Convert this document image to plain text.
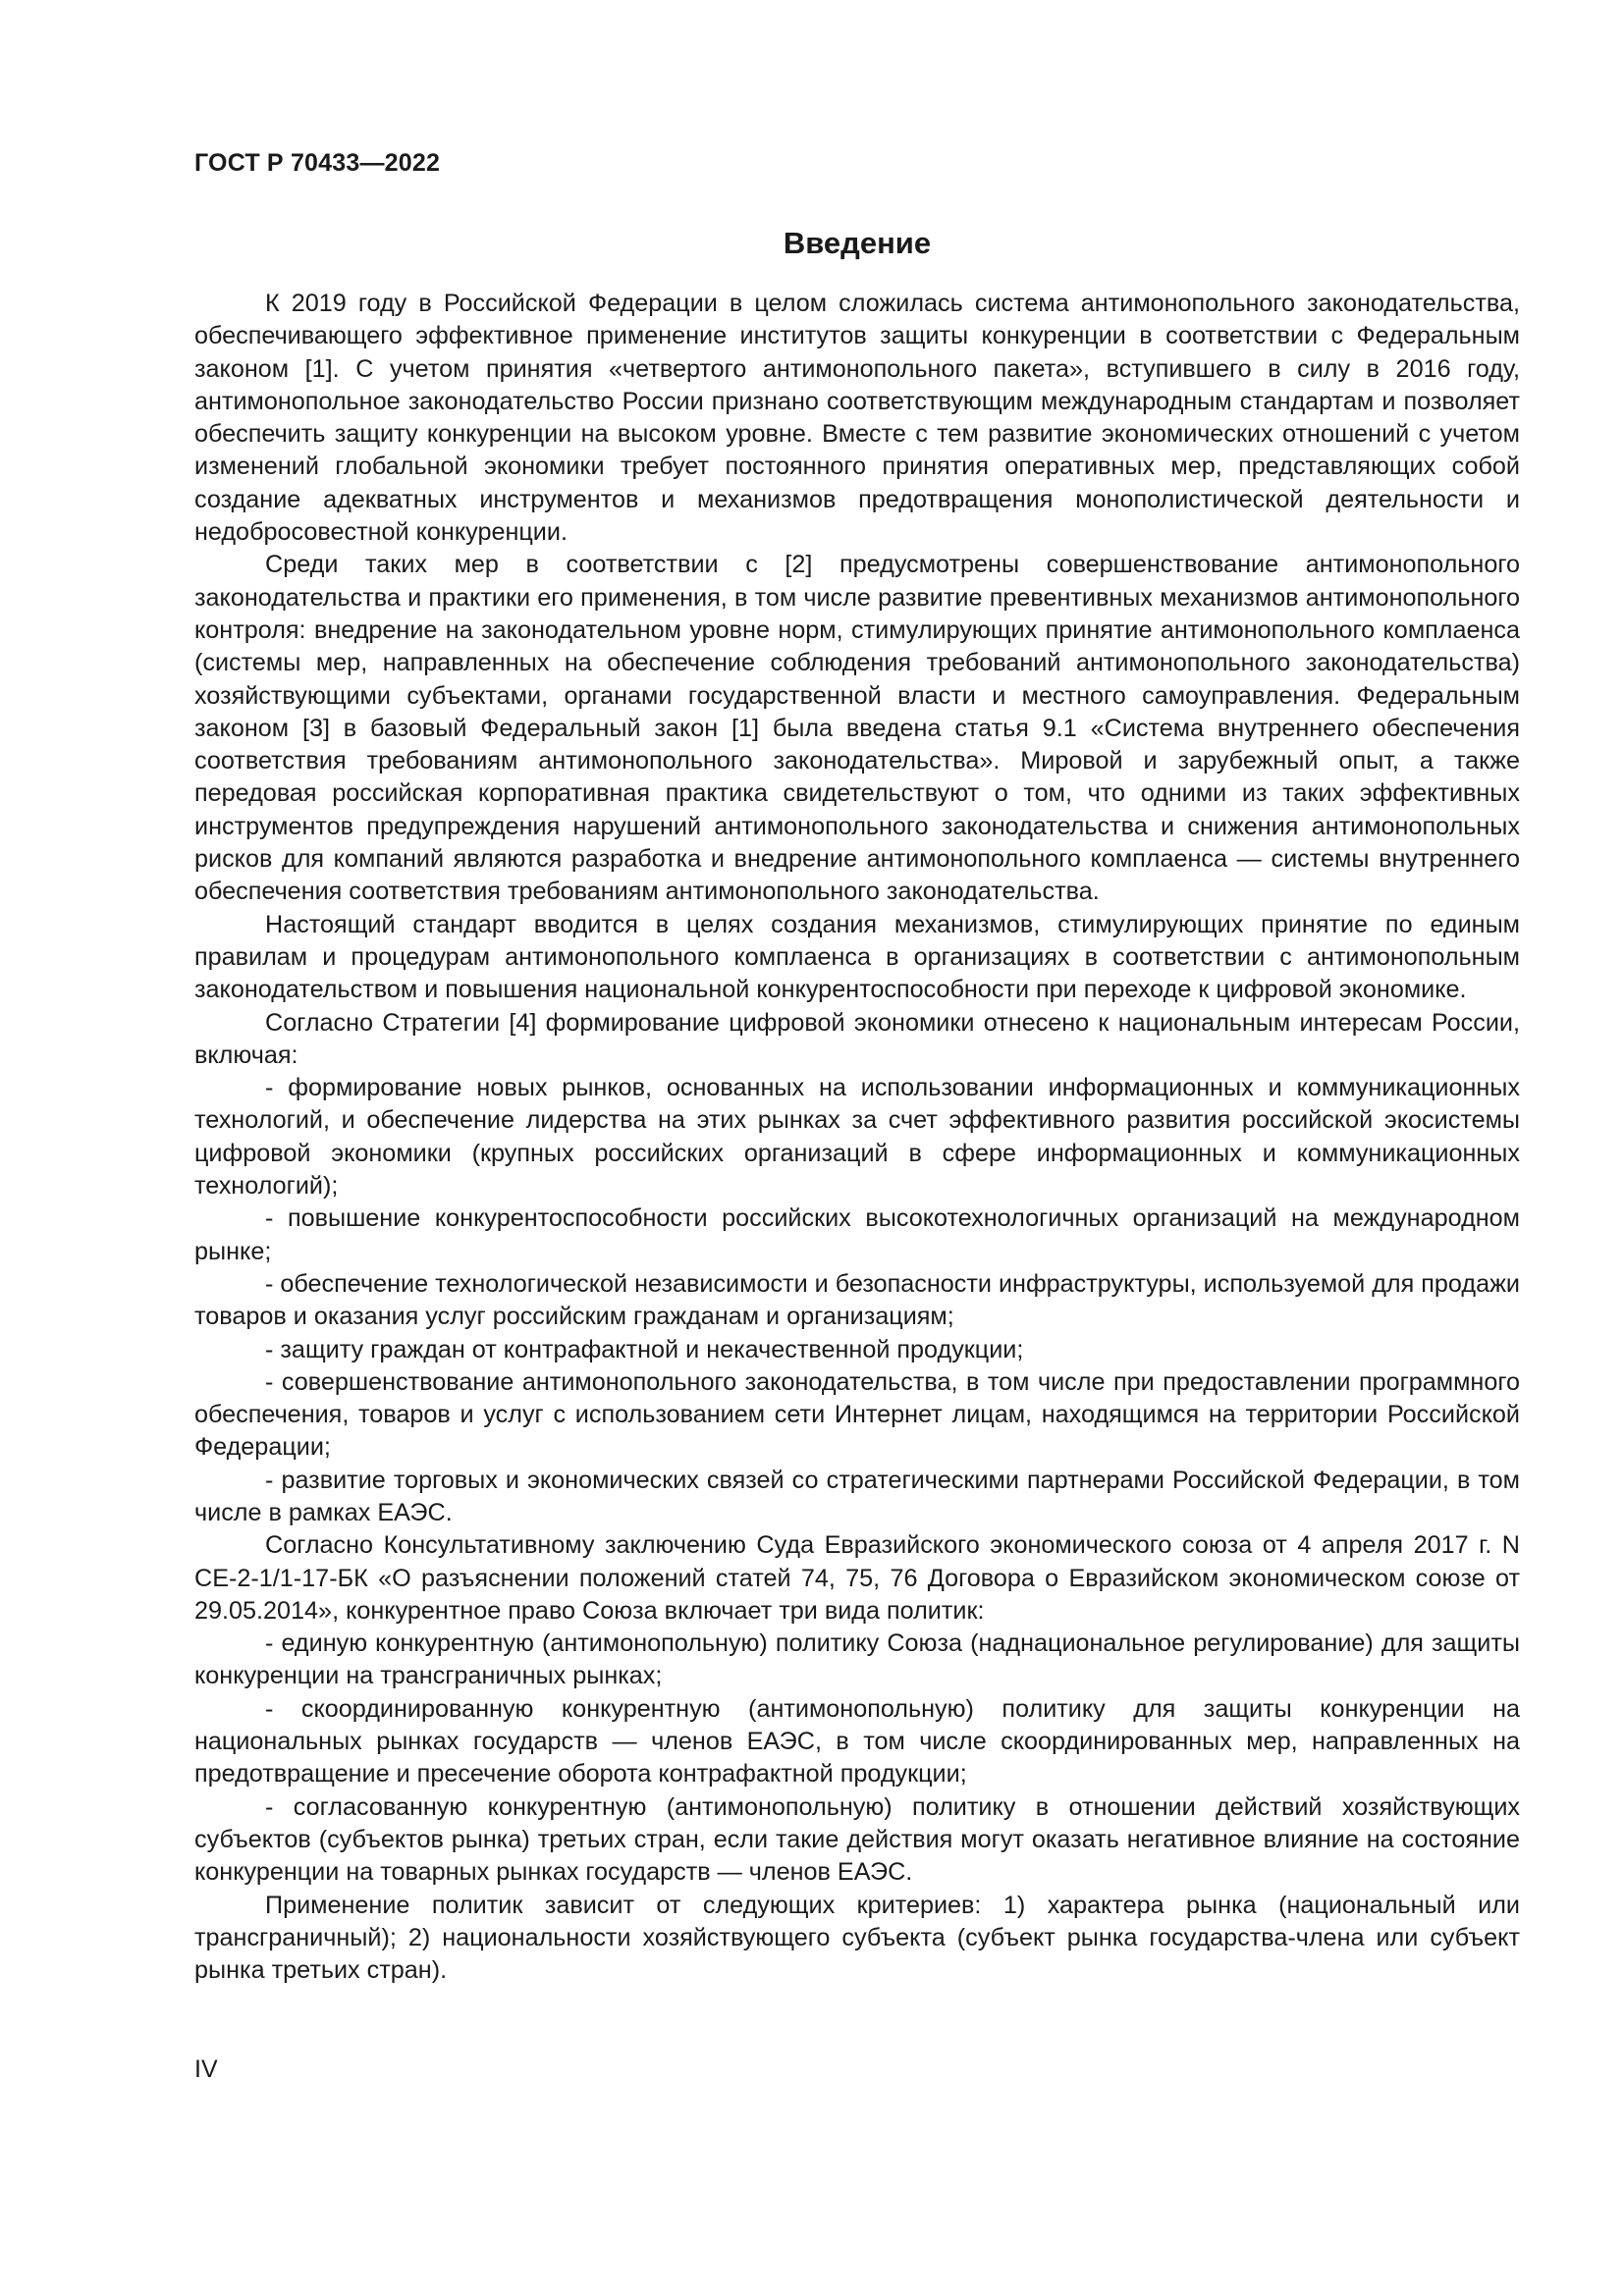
ГОСТ Р 70433—2022

Введение

К 2019 году в Российской Федерации в целом сложилась система антимонопольного законодательства, обеспечивающего эффективное применение институтов защиты конкуренции в соответствии с Федеральным законом [1]. С учетом принятия «четвертого антимонопольного пакета», вступившего в силу в 2016 году, антимонопольное законодательство России признано соответствующим международным стандартам и позволяет обеспечить защиту конкуренции на высоком уровне. Вместе с тем развитие экономических отношений с учетом изменений глобальной экономики требует постоянного принятия оперативных мер, представляющих собой создание адекватных инструментов и механизмов предотвращения монополистической деятельности и недобросовестной конкуренции.

Среди таких мер в соответствии с [2] предусмотрены совершенствование антимонопольного законодательства и практики его применения, в том числе развитие превентивных механизмов антимонопольного контроля: внедрение на законодательном уровне норм, стимулирующих принятие антимонопольного комплаенса (системы мер, направленных на обеспечение соблюдения требований антимонопольного законодательства) хозяйствующими субъектами, органами государственной власти и местного самоуправления. Федеральным законом [3] в базовый Федеральный закон [1] была введена статья 9.1 «Система внутреннего обеспечения соответствия требованиям антимонопольного законодательства». Мировой и зарубежный опыт, а также передовая российская корпоративная практика свидетельствуют о том, что одними из таких эффективных инструментов предупреждения нарушений антимонопольного законодательства и снижения антимонопольных рисков для компаний являются разработка и внедрение антимонопольного комплаенса — системы внутреннего обеспечения соответствия требованиям антимонопольного законодательства.

Настоящий стандарт вводится в целях создания механизмов, стимулирующих принятие по единым правилам и процедурам антимонопольного комплаенса в организациях в соответствии с антимонопольным законодательством и повышения национальной конкурентоспособности при переходе к цифровой экономике.

Согласно Стратегии [4] формирование цифровой экономики отнесено к национальным интересам России, включая:

- формирование новых рынков, основанных на использовании информационных и коммуникационных технологий, и обеспечение лидерства на этих рынках за счет эффективного развития российской экосистемы цифровой экономики (крупных российских организаций в сфере информационных и коммуникационных технологий);

- повышение конкурентоспособности российских высокотехнологичных организаций на международном рынке;

- обеспечение технологической независимости и безопасности инфраструктуры, используемой для продажи товаров и оказания услуг российским гражданам и организациям;

- защиту граждан от контрафактной и некачественной продукции;

- совершенствование антимонопольного законодательства, в том числе при предоставлении программного обеспечения, товаров и услуг с использованием сети Интернет лицам, находящимся на территории Российской Федерации;

- развитие торговых и экономических связей со стратегическими партнерами Российской Федерации, в том числе в рамках ЕАЭС.

Согласно Консультативному заключению Суда Евразийского экономического союза от 4 апреля 2017 г. N СЕ-2-1/1-17-БК «О разъяснении положений статей 74, 75, 76 Договора о Евразийском экономическом союзе от 29.05.2014», конкурентное право Союза включает три вида политик:

- единую конкурентную (антимонопольную) политику Союза (наднациональное регулирование) для защиты конкуренции на трансграничных рынках;

- скоординированную конкурентную (антимонопольную) политику для защиты конкуренции на национальных рынках государств — членов ЕАЭС, в том числе скоординированных мер, направленных на предотвращение и пресечение оборота контрафактной продукции;

- согласованную конкурентную (антимонопольную) политику в отношении действий хозяйствующих субъектов (субъектов рынка) третьих стран, если такие действия могут оказать негативное влияние на состояние конкуренции на товарных рынках государств — членов ЕАЭС.

Применение политик зависит от следующих критериев: 1) характера рынка (национальный или трансграничный); 2) национальности хозяйствующего субъекта (субъект рынка государства-члена или субъект рынка третьих стран).

IV
